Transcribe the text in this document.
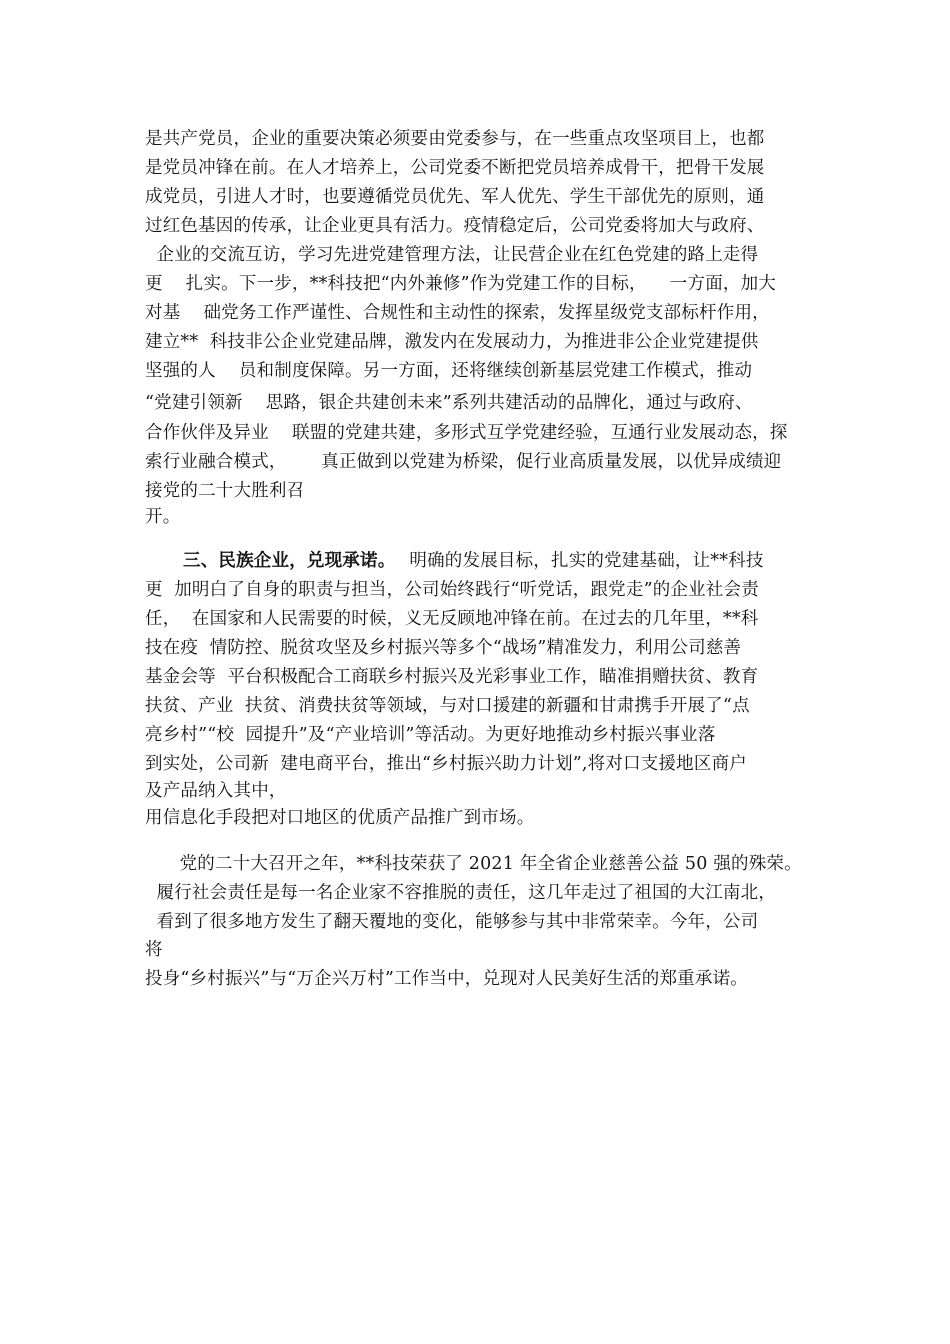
是共产党员，企业的重要决策必须要由党委参与，在一些重点攻坚项目上，也都

是党员冲锋在前。在人才培养上，公司党委不断把党员培养成骨干，把骨干发展

成党员，引进人才时，也要遵循党员优先、军人优先、学生干部优先的原则，通

过红色基因的传承，让企业更具有活力。疫情稳定后，公司党委将加大与政府、

企业的交流互访，学习先进党建管理方法，让民营企业在红色党建的路上走得

更    扎实。下一步，**科技把“内外兼修”作为党建工作的目标，    一方面，加大

对基    础党务工作严谨性、合规性和主动性的探索，发挥星级党支部标杆作用，

建立**  科技非公企业党建品牌，激发内在发展动力，为推进非公企业党建提供

坚强的人    员和制度保障。另一方面，还将继续创新基层党建工作模式，推动

“党建引领新    思路，银企共建创未来”系列共建活动的品牌化，通过与政府、

合作伙伴及异业    联盟的党建共建，多形式互学党建经验，互通行业发展动态，探

索行业融合模式，      真正做到以党建为桥梁，促行业高质量发展，以优异成绩迎

接党的二十大胜利召

开。

三、民族企业，兑现承诺。 明确的发展目标，扎实的党建基础，让**科技

更  加明白了自身的职责与担当，公司始终践行“听党话，跟党走”的企业社会责

任，  在国家和人民需要的时候，义无反顾地冲锋在前。在过去的几年里，**科

技在疫  情防控、脱贫攻坚及乡村振兴等多个“战场”精准发力，利用公司慈善

基金会等  平台积极配合工商联乡村振兴及光彩事业工作，瞄准捐赠扶贫、教育

扶贫、产业  扶贫、消费扶贫等领域，与对口援建的新疆和甘肃携手开展了“点

亮乡村”“校  园提升”及“产业培训”等活动。为更好地推动乡村振兴事业落

到实处，公司新  建电商平台，推出“乡村振兴助力计划”,将对口支援地区商户

及产品纳入其中，

用信息化手段把对口地区的优质产品推广到市场。

党的二十大召开之年，**科技荣获了 2021 年全省企业慈善公益 50 强的殊荣。

履行社会责任是每一名企业家不容推脱的责任，这几年走过了祖国的大江南北，

看到了很多地方发生了翻天覆地的变化，能够参与其中非常荣幸。今年，公司

将

投身“乡村振兴”与“万企兴万村”工作当中，兑现对人民美好生活的郑重承诺。
